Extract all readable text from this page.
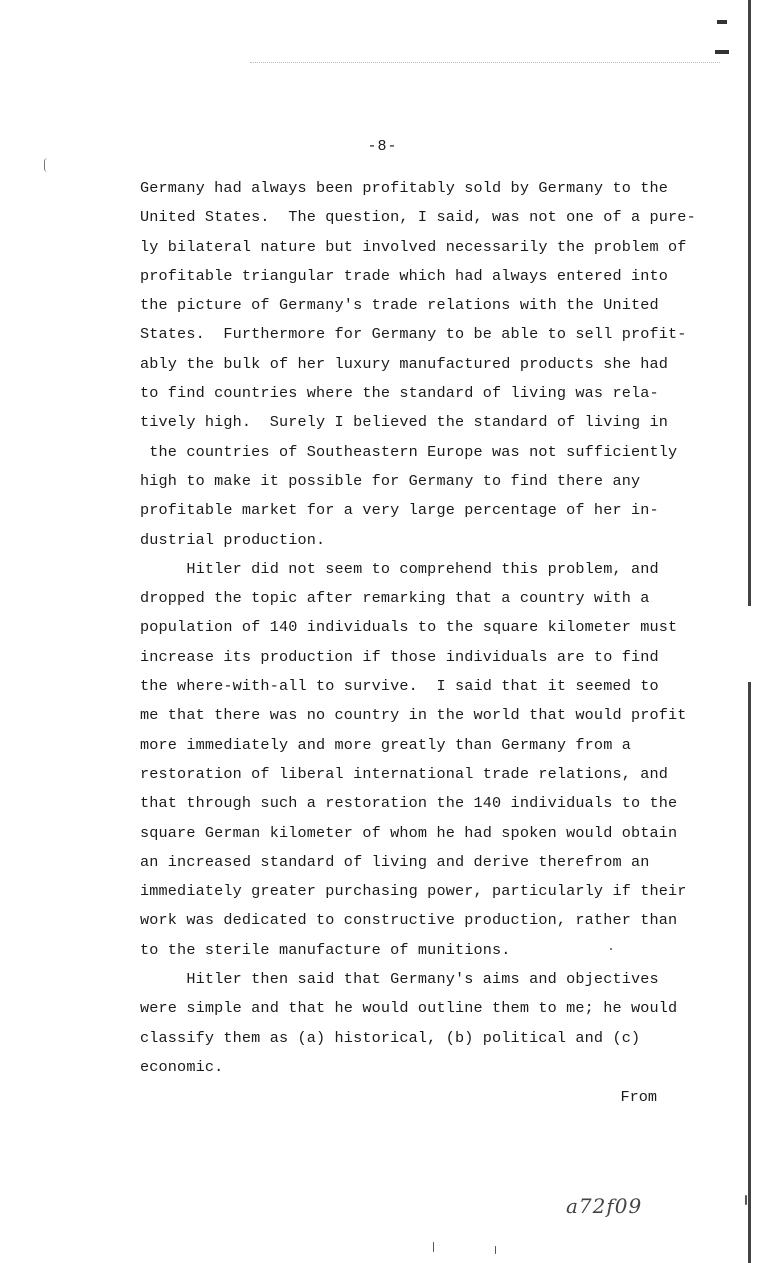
-8-
Germany had always been profitably sold by Germany to the
United States.  The question, I said, was not one of a pure-
ly bilateral nature but involved necessarily the problem of
profitable triangular trade which had always entered into
the picture of Germany's trade relations with the United
States.  Furthermore for Germany to be able to sell profit-
ably the bulk of her luxury manufactured products she had
to find countries where the standard of living was rela-
tively high.  Surely I believed the standard of living in
the countries of Southeastern Europe was not sufficiently
high to make it possible for Germany to find there any
profitable market for a very large percentage of her in-
dustrial production.
Hitler did not seem to comprehend this problem, and
dropped the topic after remarking that a country with a
population of 140 individuals to the square kilometer must
increase its production if those individuals are to find
the where-with-all to survive.  I said that it seemed to
me that there was no country in the world that would profit
more immediately and more greatly than Germany from a
restoration of liberal international trade relations, and
that through such a restoration the 140 individuals to the
square German kilometer of whom he had spoken would obtain
an increased standard of living and derive therefrom an
immediately greater purchasing power, particularly if their
work was dedicated to constructive production, rather than
to the sterile manufacture of munitions.
Hitler then said that Germany's aims and objectives
were simple and that he would outline them to me; he would
classify them as (a) historical, (b) political and (c)
economic.
From
a72f09
